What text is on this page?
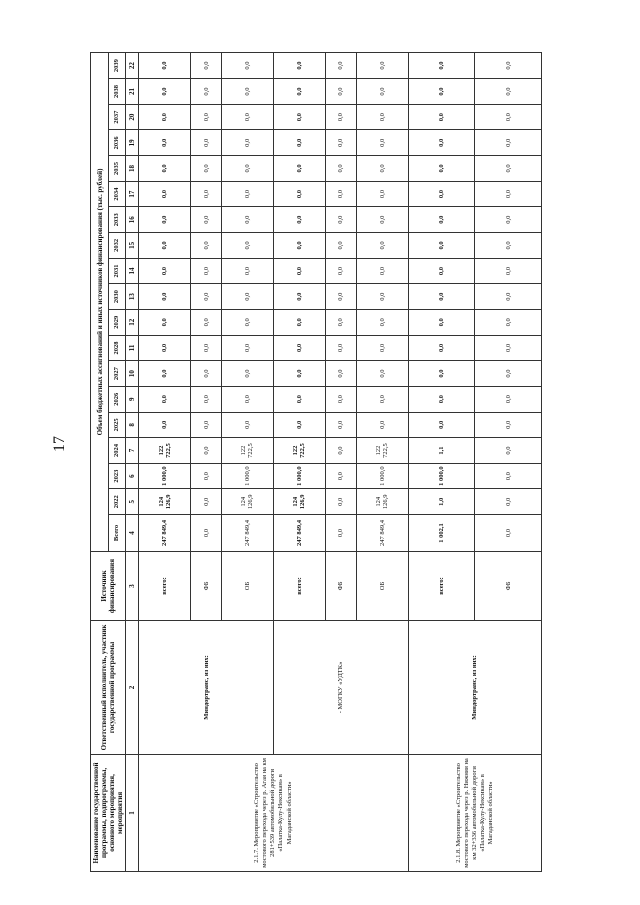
17
Наименование государственной программы, подпрограммы, основного мероприятия, мероприятия	Ответственный исполнитель, участник государственной программы	Источник финансирования	Объем бюджетных ассигнований и иных источников финансирования (тыс. рублей)																		
			Всего	2022	2023	2024	2025	2026	2027	2028	2029	2030	2031	2032	2033	2034	2035	2036	2037	2038	2039
1	2	3	4	5	6	7	8	9	10	11	12	13	14	15	16	17	18	19	20	21	22
2.1.7. Мероприятие «Строительство мостового перехода через р. Агая на км 281+539 автомобильной дороги «Палатка-Кулу-Нексикан» в Магаданской области»	Миндортранс, из них:	всего:	247 849,4	124 126,9	1 000,0	122 722,5	0,0	0,0	0,0	0,0	0,0	0,0	0,0	0,0	0,0	0,0	0,0	0,0	0,0	0,0	0,0
		ФБ	0,0	0,0	0,0	0,0	0,0	0,0	0,0	0,0	0,0	0,0	0,0	0,0	0,0	0,0	0,0	0,0	0,0	0,0	0,0
		ОБ	247 849,4	124 126,9	1 000,0	122 722,5	0,0	0,0	0,0	0,0	0,0	0,0	0,0	0,0	0,0	0,0	0,0	0,0	0,0	0,0	0,0
	- МОГКУ «УДТК»	всего:	247 849,4	124 126,9	1 000,0	122 722,5	0,0	0,0	0,0	0,0	0,0	0,0	0,0	0,0	0,0	0,0	0,0	0,0	0,0	0,0	0,0
		ФБ	0,0	0,0	0,0	0,0	0,0	0,0	0,0	0,0	0,0	0,0	0,0	0,0	0,0	0,0	0,0	0,0	0,0	0,0	0,0
		ОБ	247 849,4	124 126,9	1 000,0	122 722,5	0,0	0,0	0,0	0,0	0,0	0,0	0,0	0,0	0,0	0,0	0,0	0,0	0,0	0,0	0,0
2.1.8. Мероприятие «Строительство мостового перехода через р. Нижняя на км 32+336 автомобильной дороги «Палатка-Кулу-Нексикан» в Магаданской области»	Миндортранс, из них:	всего:	1 002,1	1,0	1 000,0	1,1	0,0	0,0	0,0	0,0	0,0	0,0	0,0	0,0	0,0	0,0	0,0	0,0	0,0	0,0	0,0
		ФБ	0,0	0,0	0,0	0,0	0,0	0,0	0,0	0,0	0,0	0,0	0,0	0,0	0,0	0,0	0,0	0,0	0,0	0,0	0,0
